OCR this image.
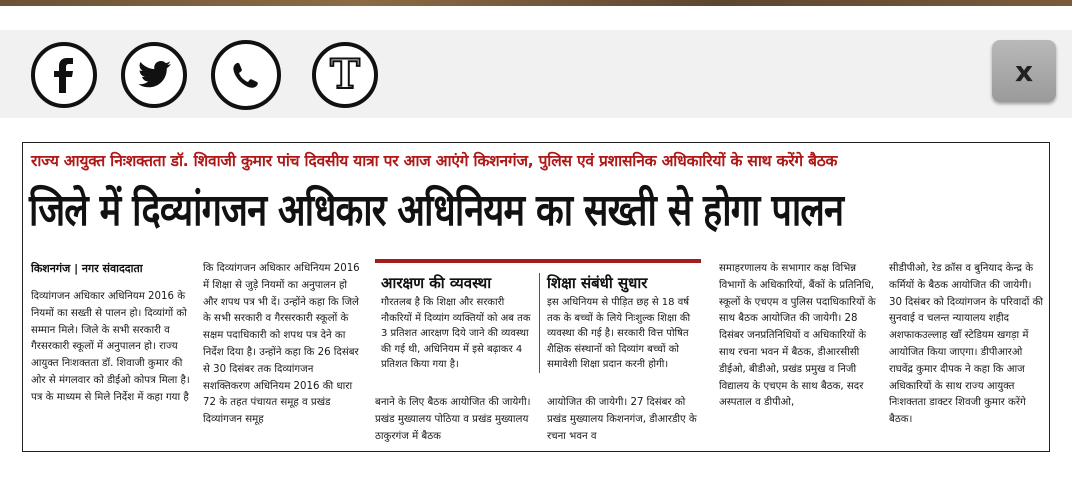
T	x
राज्य आयुक्त निःशक्तता डॉ. शिवाजी कुमार पांच दिवसीय यात्रा पर आज आएंगे किशनगंज, पुलिस एवं प्रशासनिक अधिकारियों के साथ करेंगे बैठक
जिले में दिव्यांगजन अधिकार अधिनियम का सख्ती से होगा पालन
किशनगंज | नगर संवाददाता
दिव्यांगजन अधिकार अधिनियम 2016 के नियमों का सख्ती से पालन हो। दिव्यांगों को सम्मान मिले। जिले के सभी सरकारी व गैरसरकारी स्कूलों में अनुपालन हो। राज्य आयुक्त निःशक्तता डॉ. शिवाजी कुमार की ओर से मंगलवार को डीईओ कोपत्र मिला है। पत्र के माध्यम से मिले निर्देश में कहा गया है
कि दिव्यांगजन अधिकार अधिनियम 2016 में शिक्षा से जुड़े नियमों का अनुपालन हो और शपथ पत्र भी दें। उन्होंने कहा कि जिले के सभी सरकारी व गैरसरकारी स्कूलों के सक्षम पदाधिकारी को शपथ पत्र देने का निर्देश दिया है। उन्होंने कहा कि 26 दिसंबर से 30 दिसंबर तक दिव्यांगजन सशक्तिकरण अधिनियम 2016 की धारा 72 के तहत पंचायत समूह व प्रखंड दिव्यांगजन समूह
आरक्षण की व्यवस्था
गौरतलब है कि शिक्षा और सरकारी नौकरियों में दिव्यांग व्यक्तियों को अब तक 3 प्रतिशत आरक्षण दिये जाने की व्यवस्था की गई थी, अधिनियम में इसे बढ़ाकर 4 प्रतिशत किया गया है।
शिक्षा संबंधी सुधार
इस अधिनियम से पीड़ित छह से 18 वर्ष तक के बच्चों के लिये निःशुल्क शिक्षा की व्यवस्था की गई है। सरकारी वित्त पोषित शैक्षिक संस्थानों को दिव्यांग बच्चों को समावेशी शिक्षा प्रदान करनी होगी।
बनाने के लिए बैठक आयोजित की जायेगी। प्रखंड मुख्यालय पोठिया व प्रखंड मुख्यालय ठाकुरगंज में बैठक
आयोजित की जायेगी। 27 दिसंबर को प्रखंड मुख्यालय किशनगंज, डीआरडीए के रचना भवन व
समाहरणालय के सभागार कक्ष विभिन्न विभागों के अधिकारियों, बैंकों के प्रतिनिधि, स्कूलों के एचएम व पुलिस पदाधिकारियों के साथ बैठक आयोजित की जायेगी। 28 दिसंबर जनप्रतिनिधियों व अधिकारियों के साथ रचना भवन में बैठक, डीआरसीसी डीईओ, बीडीओ, प्रखंड प्रमुख व निजी विद्यालय के एचएम के साथ बैठक, सदर अस्पताल व डीपीओ,
सीडीपीओ, रेड क्रॉस व बुनियाद केन्द्र के कर्मियों के बैठक आयोजित की जायेगी। 30 दिसंबर को दिव्यांगजन के परिवादों की सुनवाई व चलन्त न्यायालय शहीद अशफाकउल्लाह खाँ स्टेडियम खगड़ा में आयोजित किया जाएगा। डीपीआरओ राघवेंद्र कुमार दीपक ने कहा कि आज अधिकारियों के साथ राज्य आयुक्त निःशक्तता डाक्टर शिवजी कुमार करेंगे बैठक।
